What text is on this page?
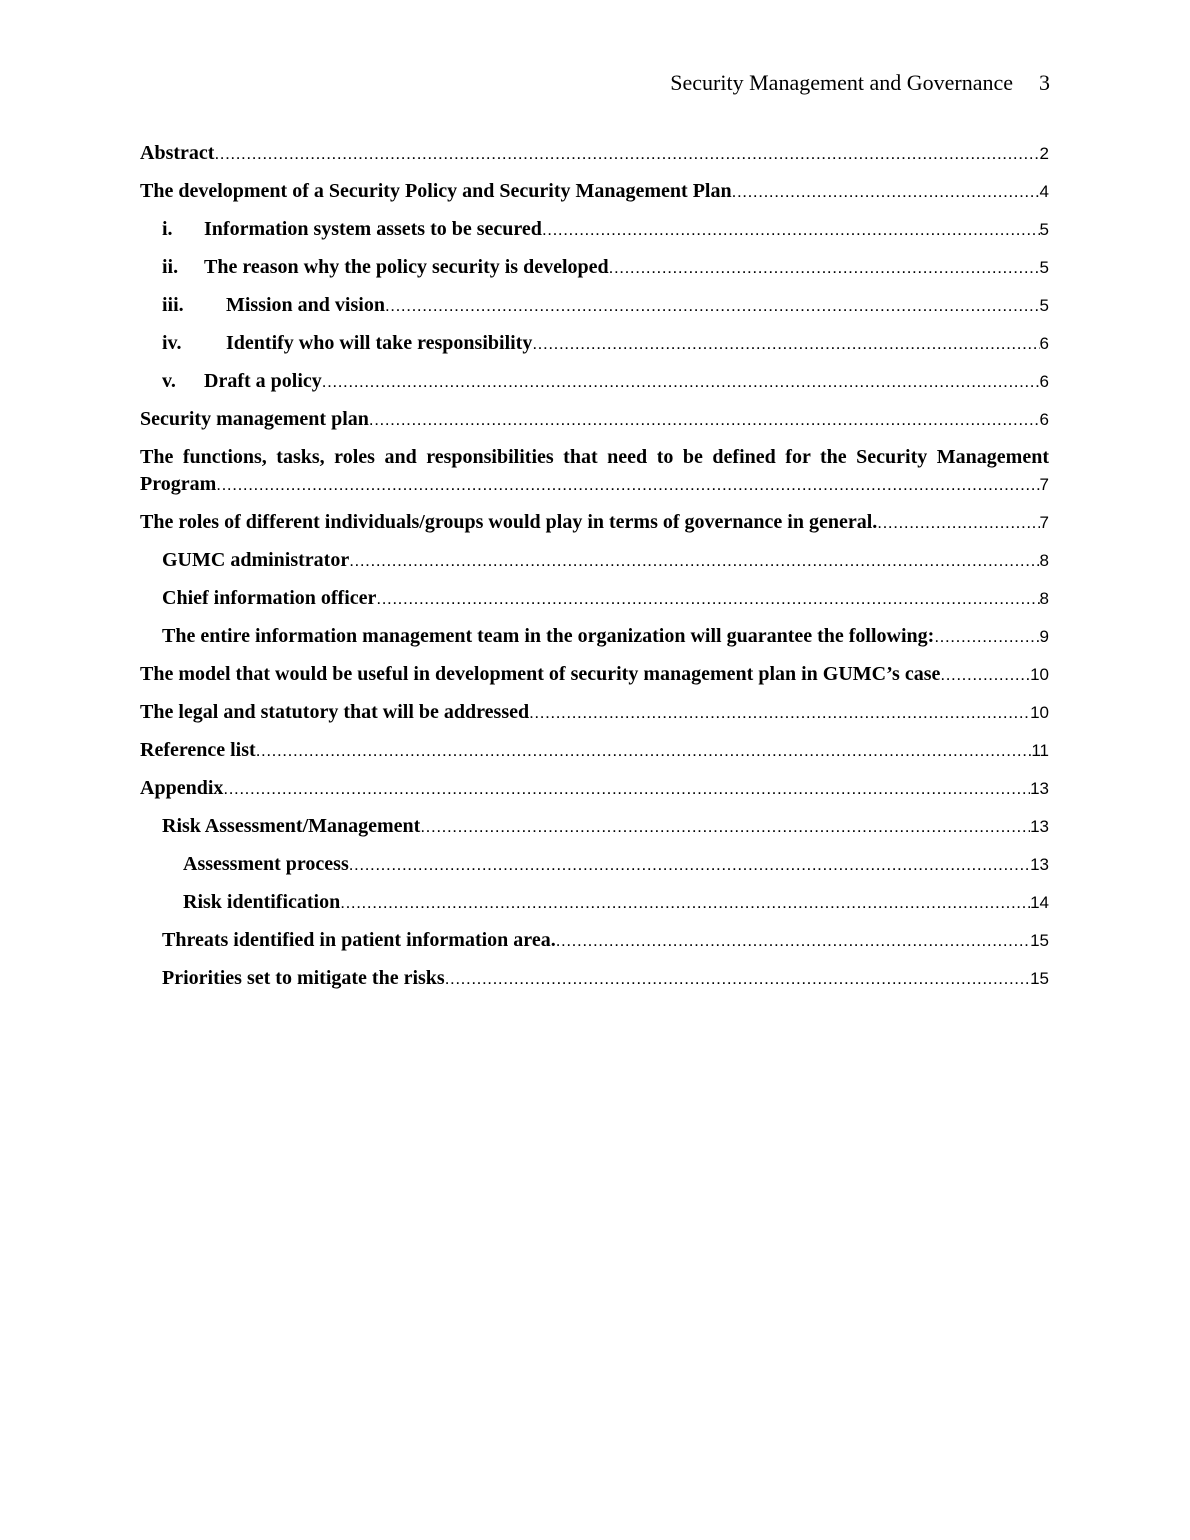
Security Management and Governance 3
Abstract .....	2
The development of a Security Policy and Security Management Plan .....	4
i.	Information system assets to be secured .....	5
ii.	The reason why the policy security is developed .....	5
iii.	Mission and vision .....	5
iv.	Identify who will take responsibility .....	6
v.	Draft a policy .....	6
Security management plan .....	6
The functions, tasks, roles and responsibilities that need to be defined for the Security Management
Program .....	7
The roles of different individuals/groups would play in terms of governance in general. .....	7
GUMC administrator .....	8
Chief information officer .....	8
The entire information management team in the organization will guarantee the following: .....	9
The model that would be useful in development of security management plan in GUMC’s case .....	10
The legal and statutory that will be addressed .....	10
Reference list .....	11
Appendix .....	13
Risk Assessment/Management .....	13
Assessment process .....	13
Risk identification .....	14
Threats identified in patient information area. .....	15
Priorities set to mitigate the risks .....	15
